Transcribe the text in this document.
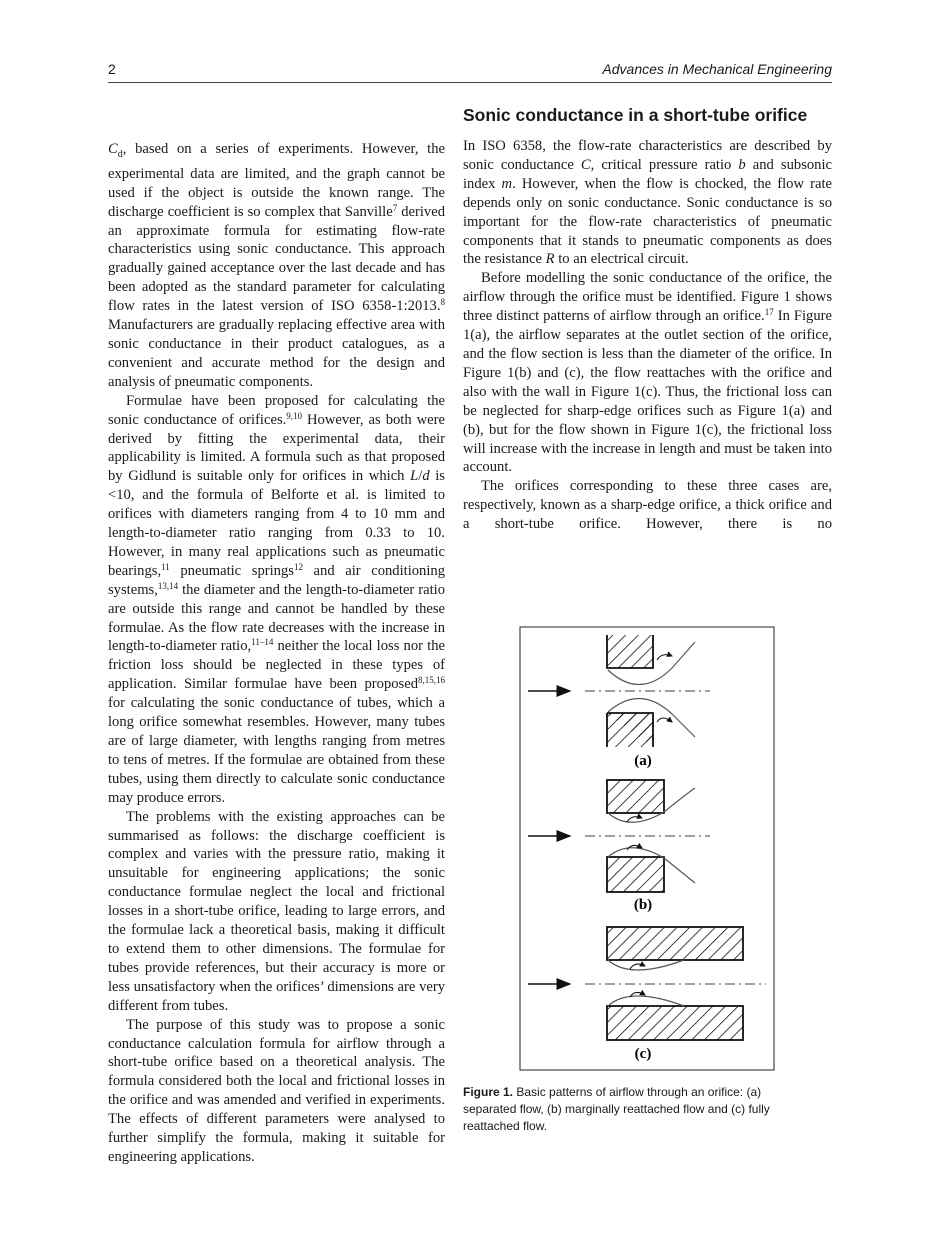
2	Advances in Mechanical Engineering

$C_d$, based on a series of experiments. However, the experimental data are limited, and the graph cannot be used if the object is outside the known range. The discharge coefficient is so complex that Sanville$^7$ derived an approximate formula for estimating flow-rate characteristics using sonic conductance. This approach gradually gained acceptance over the last decade and has been adopted as the standard parameter for calculating flow rates in the latest version of ISO 6358-1:2013.$^8$ Manufacturers are gradually replacing effective area with sonic conductance in their product catalogues, as a convenient and accurate method for the design and analysis of pneumatic components.

Formulae have been proposed for calculating the sonic conductance of orifices.$^{9,10}$ However, as both were derived by fitting the experimental data, their applicability is limited. A formula such as that proposed by Gidlund is suitable only for orifices in which L/d is <10, and the formula of Belforte et al. is limited to orifices with diameters ranging from 4 to 10 mm and length-to-diameter ratio ranging from 0.33 to 10. However, in many real applications such as pneumatic bearings,$^{11}$ pneumatic springs$^{12}$ and air conditioning systems,$^{13,14}$ the diameter and the length-to-diameter ratio are outside this range and cannot be handled by these formulae. As the flow rate decreases with the increase in length-to-diameter ratio,$^{11-14}$ neither the local loss nor the friction loss should be neglected in these types of application. Similar formulae have been proposed$^{8,15,16}$ for calculating the sonic conductance of tubes, which a long orifice somewhat resembles. However, many tubes are of large diameter, with lengths ranging from metres to tens of metres. If the formulae are obtained from these tubes, using them directly to calculate sonic conductance may produce errors.

The problems with the existing approaches can be summarised as follows: the discharge coefficient is complex and varies with the pressure ratio, making it unsuitable for engineering applications; the sonic conductance formulae neglect the local and frictional losses in a short-tube orifice, leading to large errors, and the formulae lack a theoretical basis, making it difficult to extend them to other dimensions. The formulae for tubes provide references, but their accuracy is more or less unsatisfactory when the orifices’ dimensions are very different from tubes.

The purpose of this study was to propose a sonic conductance calculation formula for airflow through a short-tube orifice based on a theoretical analysis. The formula considered both the local and frictional losses in the orifice and was amended and verified in experiments. The effects of different parameters were analysed to further simplify the formula, making it suitable for engineering applications.

Sonic conductance in a short-tube orifice

In ISO 6358, the flow-rate characteristics are described by sonic conductance C, critical pressure ratio b and subsonic index m. However, when the flow is chocked, the flow rate depends only on sonic conductance. Sonic conductance is so important for the flow-rate characteristics of pneumatic components that it stands to pneumatic components as does the resistance R to an electrical circuit.

Before modelling the sonic conductance of the orifice, the airflow through the orifice must be identified. Figure 1 shows three distinct patterns of airflow through an orifice.$^{17}$ In Figure 1(a), the airflow separates at the outlet section of the orifice, and the flow section is less than the diameter of the orifice. In Figure 1(b) and (c), the flow reattaches with the orifice and also with the wall in Figure 1(c). Thus, the frictional loss can be neglected for sharp-edge orifices such as Figure 1(a) and (b), but for the flow shown in Figure 1(c), the frictional loss will increase with the increase in length and must be taken into account.

The orifices corresponding to these three cases are, respectively, known as a sharp-edge orifice, a thick orifice and a short-tube orifice. However, there is no

(a)
(b)
(c)
Figure 1. Basic patterns of airflow through an orifice: (a) separated flow, (b) marginally reattached flow and (c) fully reattached flow.
